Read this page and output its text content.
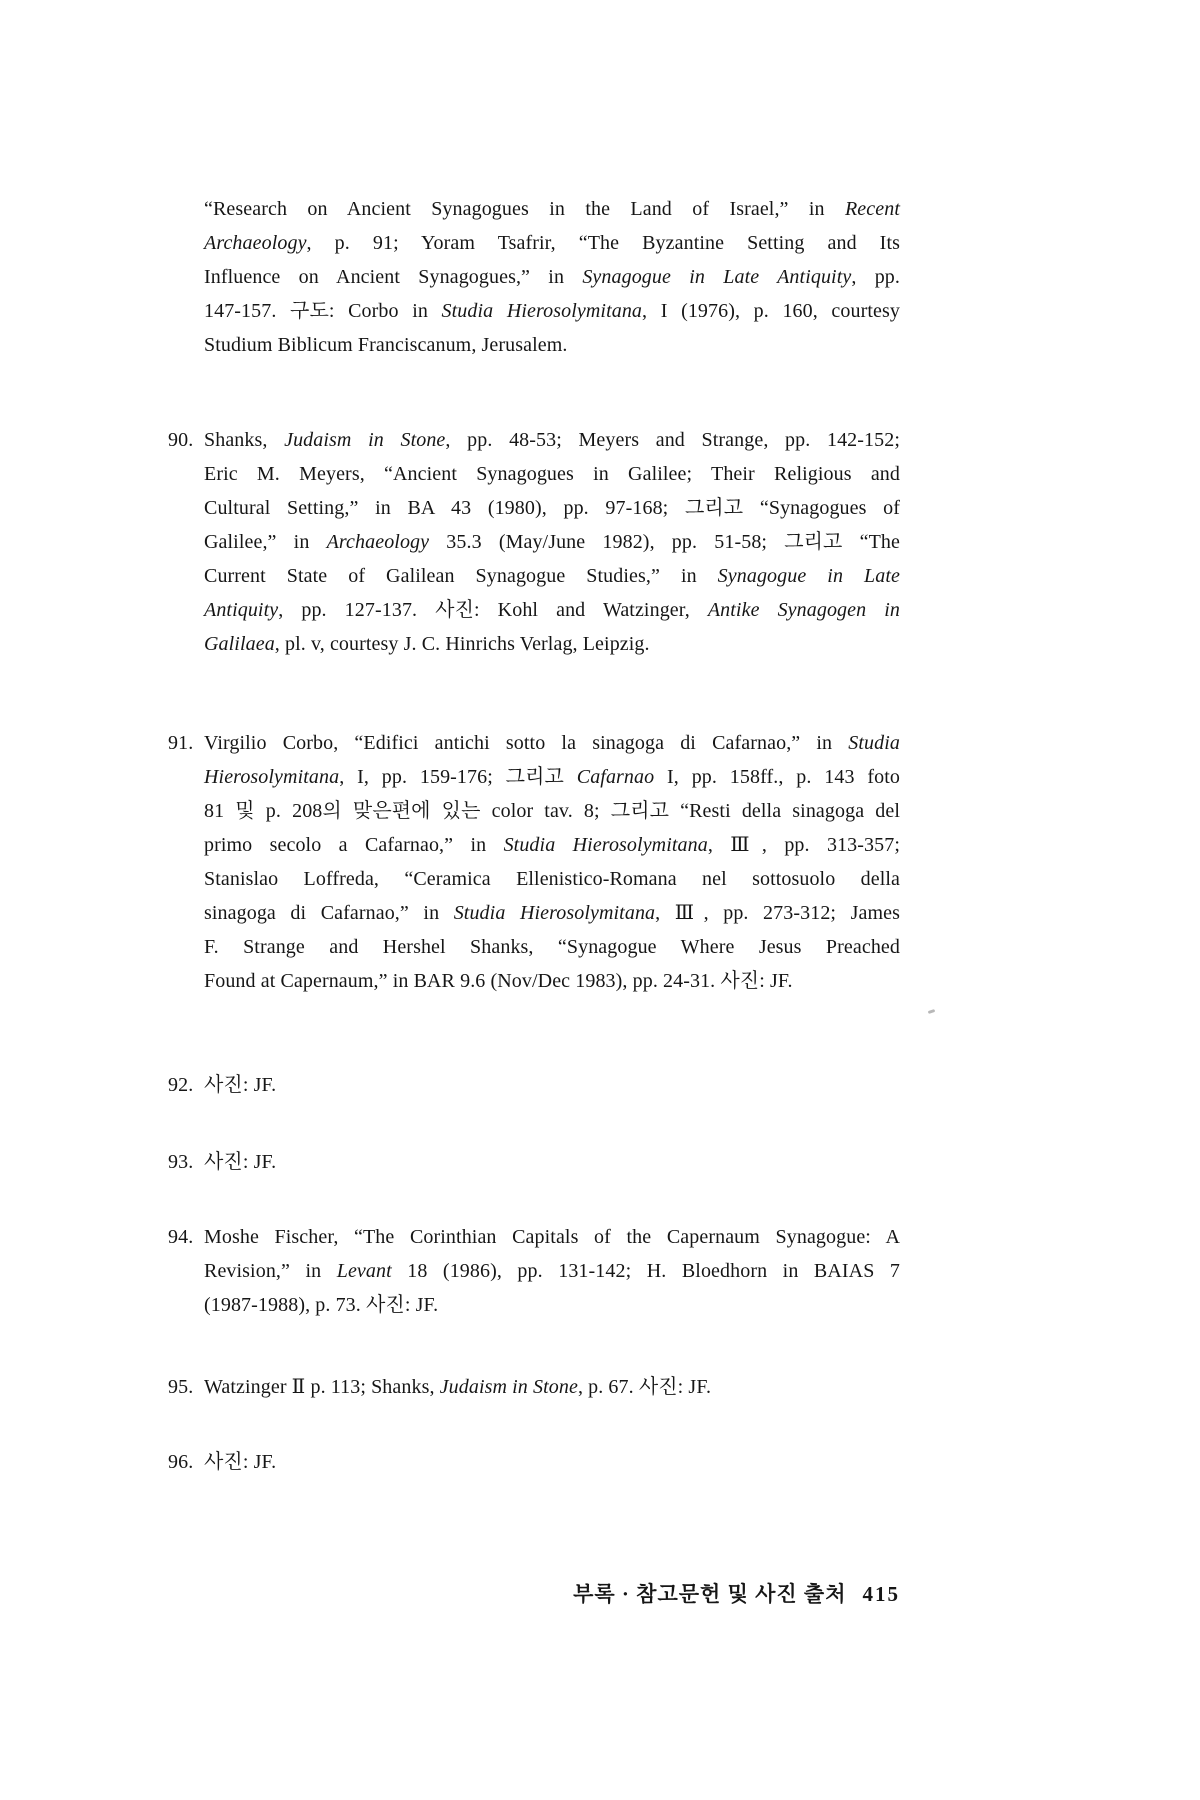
“Research on Ancient Synagogues in the Land of Israel,” in Recent
Archaeology, p. 91; Yoram Tsafrir, “The Byzantine Setting and Its
Influence on Ancient Synagogues,” in Synagogue in Late Antiquity, pp.
147-157. 구도: Corbo in Studia Hierosolymitana, I (1976), p. 160, courtesy
Studium Biblicum Franciscanum, Jerusalem.
90. Shanks, Judaism in Stone, pp. 48-53; Meyers and Strange, pp. 142-152;
Eric M. Meyers, “Ancient Synagogues in Galilee; Their Religious and
Cultural Setting,” in BA 43 (1980), pp. 97-168; 그리고 “Synagogues of
Galilee,” in Archaeology 35.3 (May/June 1982), pp. 51-58; 그리고 “The
Current State of Galilean Synagogue Studies,” in Synagogue in Late
Antiquity, pp. 127-137. 사진: Kohl and Watzinger, Antike Synagogen in
Galilaea, pl. v, courtesy J. C. Hinrichs Verlag, Leipzig.
91. Virgilio Corbo, “Edifici antichi sotto la sinagoga di Cafarnao,” in Studia
Hierosolymitana, I, pp. 159-176; 그리고 Cafarnao I, pp. 158ff., p. 143 foto
81 및 p. 208의 맞은편에 있는 color tav. 8; 그리고 “Resti della sinagoga del
primo secolo a Cafarnao,” in Studia Hierosolymitana, Ⅲ, pp. 313-357;
Stanislao Loffreda, “Ceramica Ellenistico-Romana nel sottosuolo della
sinagoga di Cafarnao,” in Studia Hierosolymitana, Ⅲ, pp. 273-312; James
F. Strange and Hershel Shanks, “Synagogue Where Jesus Preached
Found at Capernaum,” in BAR 9.6 (Nov/Dec 1983), pp. 24-31. 사진: JF.
92. 사진: JF.
93. 사진: JF.
94. Moshe Fischer, “The Corinthian Capitals of the Capernaum Synagogue: A
Revision,” in Levant 18 (1986), pp. 131-142; H. Bloedhorn in BAIAS 7
(1987-1988), p. 73. 사진: JF.
95. Watzinger Ⅱ p. 113; Shanks, Judaism in Stone, p. 67. 사진: JF.
96. 사진: JF.
부록 · 참고문헌 및 사진 출처 415
